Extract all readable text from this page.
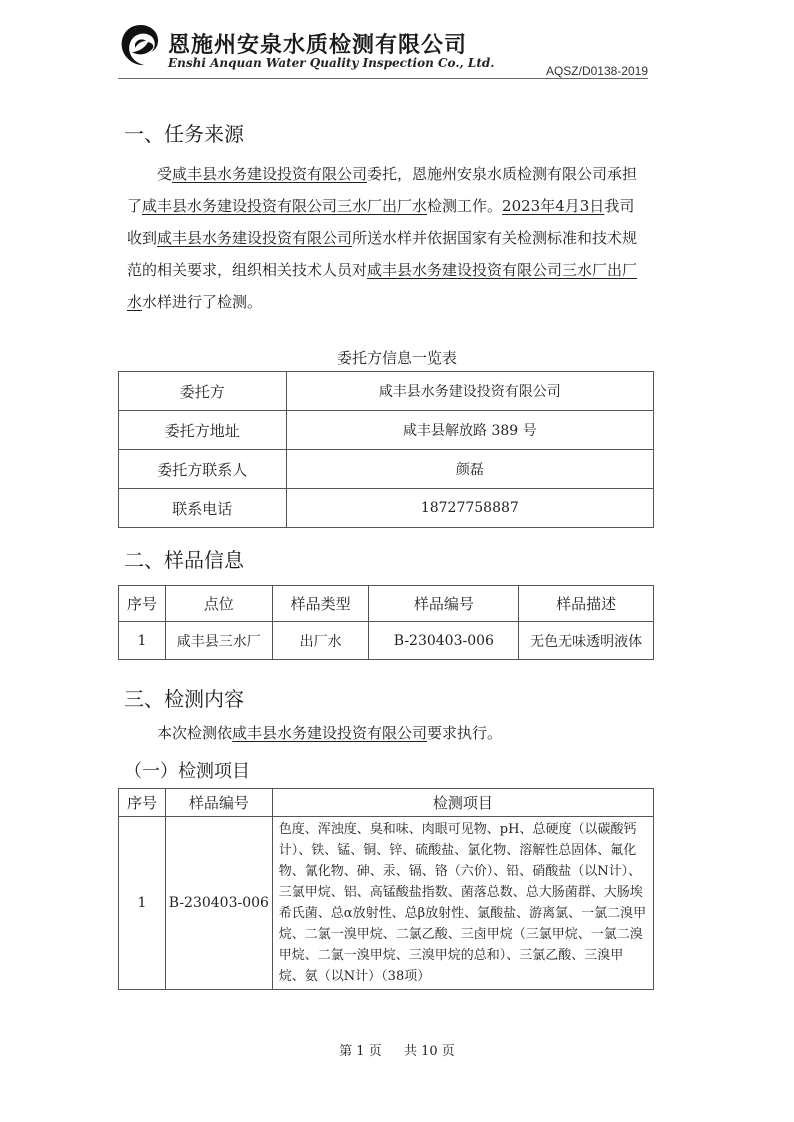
恩施州安泉水质检测有限公司
Enshi Anquan Water Quality Inspection Co., Ltd.
AQSZ/D0138-2019
一、任务来源

受咸丰县水务建设投资有限公司委托，恩施州安泉水质检测有限公司承担了咸丰县水务建设投资有限公司三水厂出厂水检测工作。2023年4月3日我司收到咸丰县水务建设投资有限公司所送水样并依据国家有关检测标准和技术规范的相关要求，组织相关技术人员对咸丰县水务建设投资有限公司三水厂出厂水水样进行了检测。

委托方信息一览表
委托方	咸丰县水务建设投资有限公司
委托方地址	咸丰县解放路 389 号
委托方联系人	颜磊
联系电话	18727758887
二、样品信息
序号	点位	样品类型	样品编号	样品描述
1	咸丰县三水厂	出厂水	B-230403-006	无色无味透明液体
三、检测内容

本次检测依咸丰县水务建设投资有限公司要求执行。

（一）检测项目
序号	样品编号	检测项目
1	B-230403-006	色度、浑浊度、臭和味、肉眼可见物、pH、总硬度（以碳酸钙计）、铁、锰、铜、锌、硫酸盐、氯化物、溶解性总固体、氟化物、氰化物、砷、汞、镉、铬（六价）、铅、硝酸盐（以N计）、三氯甲烷、铝、高锰酸盐指数、菌落总数、总大肠菌群、大肠埃希氏菌、总α放射性、总β放射性、氯酸盐、游离氯、一氯二溴甲烷、二氯一溴甲烷、二氯乙酸、三卤甲烷（三氯甲烷、一氯二溴甲烷、二氯一溴甲烷、三溴甲烷的总和）、三氯乙酸、三溴甲烷、氨（以N计）（38项）
第 1 页 共 10 页
